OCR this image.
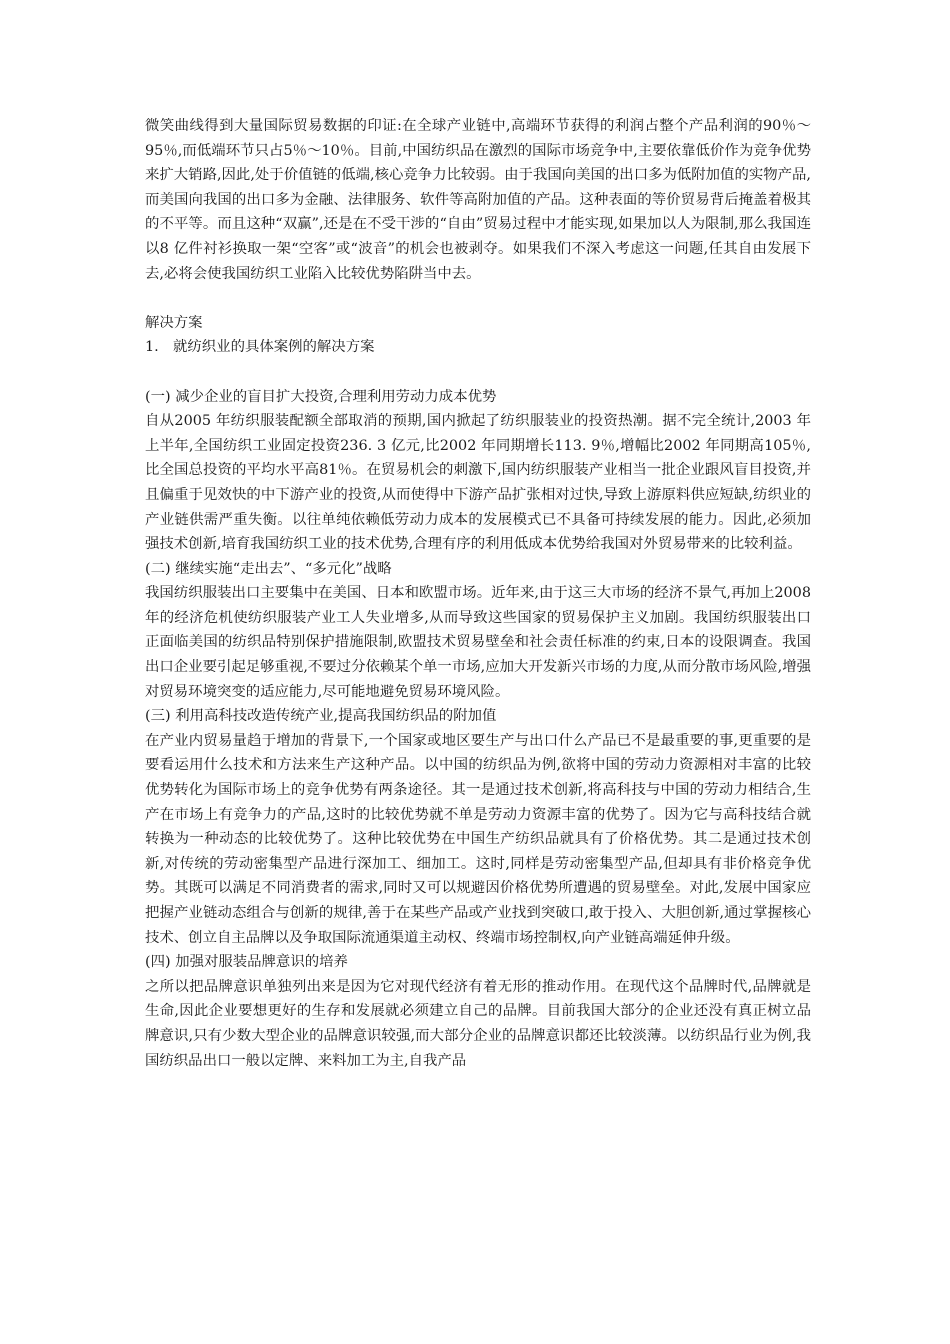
微笑曲线得到大量国际贸易数据的印证:在全球产业链中,高端环节获得的利润占整个产品利润的90％～95％,而低端环节只占5％～10％。目前,中国纺织品在激烈的国际市场竞争中,主要依靠低价作为竞争优势来扩大销路,因此,处于价值链的低端,核心竞争力比较弱。由于我国向美国的出口多为低附加值的实物产品,而美国向我国的出口多为金融、法律服务、软件等高附加值的产品。这种表面的等价贸易背后掩盖着极其的不平等。而且这种“双赢”,还是在不受干涉的“自由”贸易过程中才能实现,如果加以人为限制,那么我国连以8 亿件衬衫换取一架“空客”或“波音”的机会也被剥夺。如果我们不深入考虑这一问题,任其自由发展下去,必将会使我国纺织工业陷入比较优势陷阱当中去。

解决方案

1. 就纺织业的具体案例的解决方案

(一) 减少企业的盲目扩大投资,合理利用劳动力成本优势

自从2005 年纺织服装配额全部取消的预期,国内掀起了纺织服装业的投资热潮。据不完全统计,2003 年上半年,全国纺织工业固定投资236. 3 亿元,比2002 年同期增长113. 9％,增幅比2002 年同期高105％,比全国总投资的平均水平高81％。在贸易机会的刺激下,国内纺织服装产业相当一批企业跟风盲目投资,并且偏重于见效快的中下游产业的投资,从而使得中下游产品扩张相对过快,导致上游原料供应短缺,纺织业的产业链供需严重失衡。以往单纯依赖低劳动力成本的发展模式已不具备可持续发展的能力。因此,必须加强技术创新,培育我国纺织工业的技术优势,合理有序的利用低成本优势给我国对外贸易带来的比较利益。

(二) 继续实施“走出去”、“多元化”战略

我国纺织服装出口主要集中在美国、日本和欧盟市场。近年来,由于这三大市场的经济不景气,再加上2008 年的经济危机使纺织服装产业工人失业增多,从而导致这些国家的贸易保护主义加剧。我国纺织服装出口正面临美国的纺织品特别保护措施限制,欧盟技术贸易壁垒和社会责任标准的约束,日本的设限调查。我国出口企业要引起足够重视,不要过分依赖某个单一市场,应加大开发新兴市场的力度,从而分散市场风险,增强对贸易环境突变的适应能力,尽可能地避免贸易环境风险。

(三) 利用高科技改造传统产业,提高我国纺织品的附加值

在产业内贸易量趋于增加的背景下,一个国家或地区要生产与出口什么产品已不是最重要的事,更重要的是要看运用什么技术和方法来生产这种产品。以中国的纺织品为例,欲将中国的劳动力资源相对丰富的比较优势转化为国际市场上的竞争优势有两条途径。其一是通过技术创新,将高科技与中国的劳动力相结合,生产在市场上有竞争力的产品,这时的比较优势就不单是劳动力资源丰富的优势了。因为它与高科技结合就转换为一种动态的比较优势了。这种比较优势在中国生产纺织品就具有了价格优势。其二是通过技术创新,对传统的劳动密集型产品进行深加工、细加工。这时,同样是劳动密集型产品,但却具有非价格竞争优势。其既可以满足不同消费者的需求,同时又可以规避因价格优势所遭遇的贸易壁垒。对此,发展中国家应把握产业链动态组合与创新的规律,善于在某些产品或产业找到突破口,敢于投入、大胆创新,通过掌握核心技术、创立自主品牌以及争取国际流通渠道主动权、终端市场控制权,向产业链高端延伸升级。

(四) 加强对服装品牌意识的培养

之所以把品牌意识单独列出来是因为它对现代经济有着无形的推动作用。在现代这个品牌时代,品牌就是生命,因此企业要想更好的生存和发展就必须建立自己的品牌。目前我国大部分的企业还没有真正树立品牌意识,只有少数大型企业的品牌意识较强,而大部分企业的品牌意识都还比较淡薄。以纺织品行业为例,我国纺织品出口一般以定牌、来料加工为主,自我产品
